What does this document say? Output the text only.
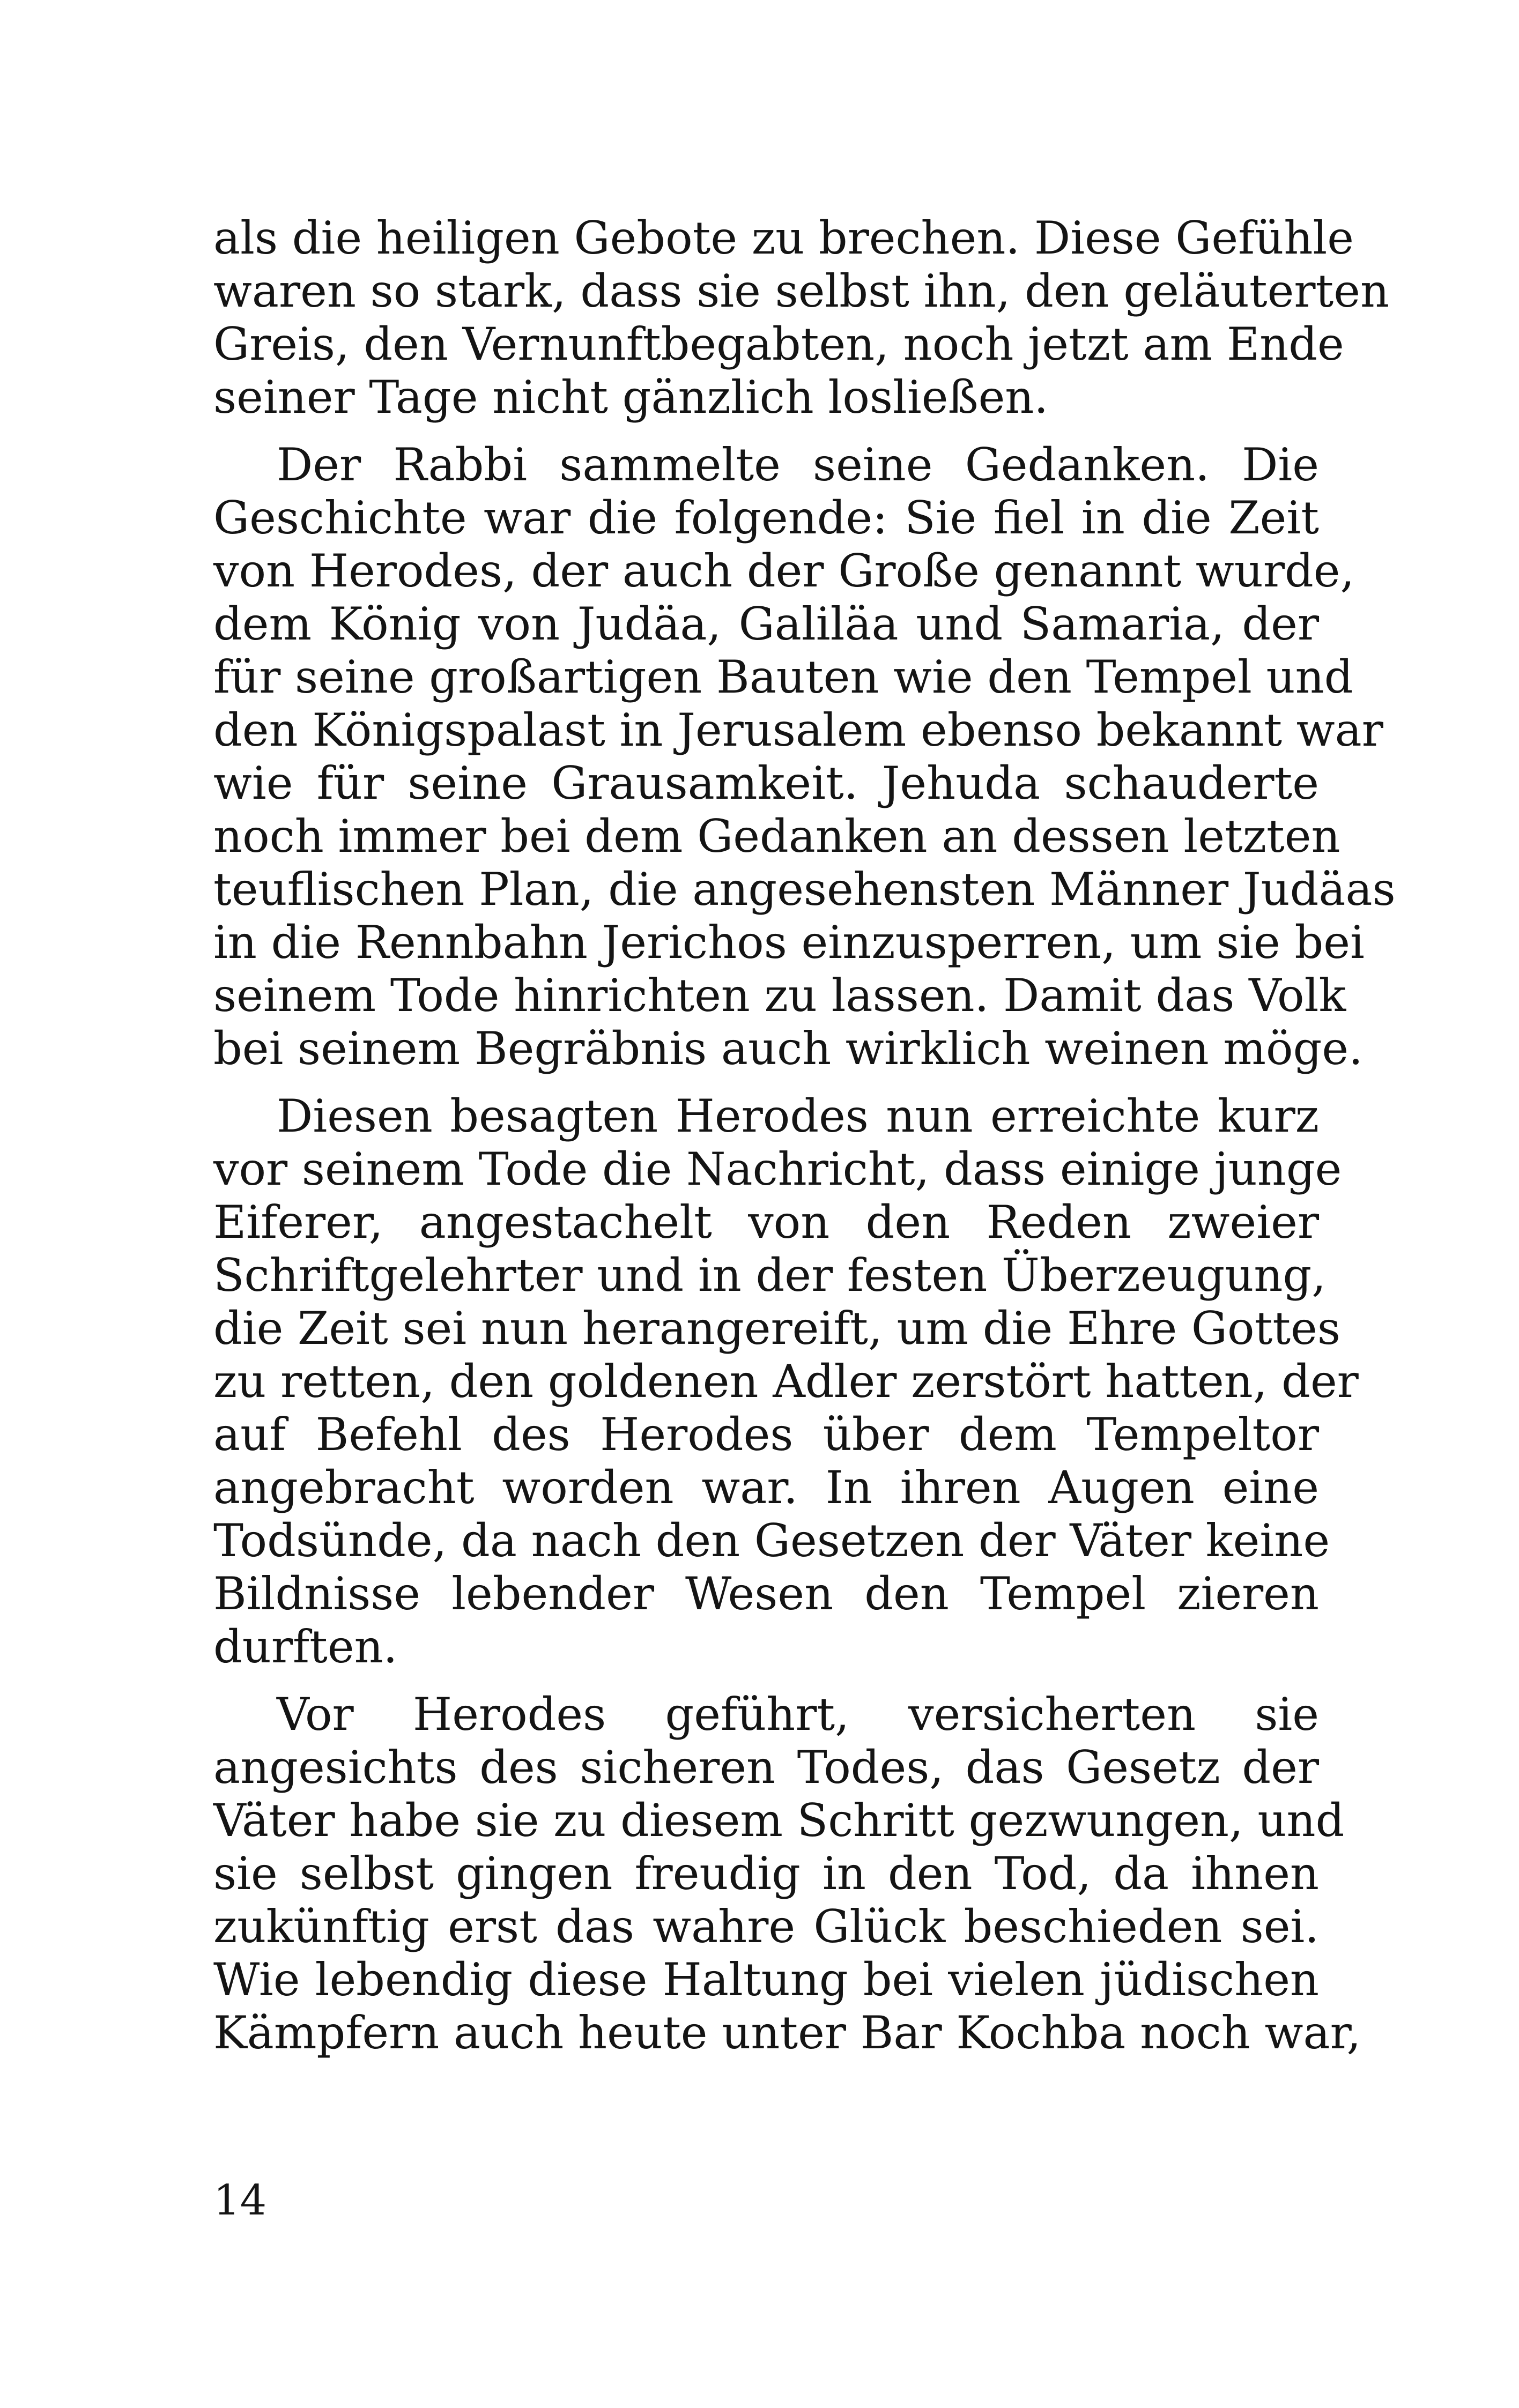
als die heiligen Gebote zu brechen. Diese Gefühle
waren so stark, dass sie selbst ihn, den geläuterten
Greis, den Vernunftbegabten, noch jetzt am Ende
seiner Tage nicht gänzlich losließen.

Der Rabbi sammelte seine Gedanken. Die
Geschichte war die folgende: Sie fiel in die Zeit
von Herodes, der auch der Große genannt wurde,
dem König von Judäa, Galiläa und Samaria, der
für seine großartigen Bauten wie den Tempel und
den Königspalast in Jerusalem ebenso bekannt war
wie für seine Grausamkeit. Jehuda schauderte
noch immer bei dem Gedanken an dessen letzten
teuflischen Plan, die angesehensten Männer Judäas
in die Rennbahn Jerichos einzusperren, um sie bei
seinem Tode hinrichten zu lassen. Damit das Volk
bei seinem Begräbnis auch wirklich weinen möge.

Diesen besagten Herodes nun erreichte kurz
vor seinem Tode die Nachricht, dass einige junge
Eiferer, angestachelt von den Reden zweier
Schriftgelehrter und in der festen Überzeugung,
die Zeit sei nun herangereift, um die Ehre Gottes
zu retten, den goldenen Adler zerstört hatten, der
auf Befehl des Herodes über dem Tempeltor
angebracht worden war. In ihren Augen eine
Todsünde, da nach den Gesetzen der Väter keine
Bildnisse lebender Wesen den Tempel zieren
durften.

Vor Herodes geführt, versicherten sie
angesichts des sicheren Todes, das Gesetz der
Väter habe sie zu diesem Schritt gezwungen, und
sie selbst gingen freudig in den Tod, da ihnen
zukünftig erst das wahre Glück beschieden sei.
Wie lebendig diese Haltung bei vielen jüdischen
Kämpfern auch heute unter Bar Kochba noch war,

14
